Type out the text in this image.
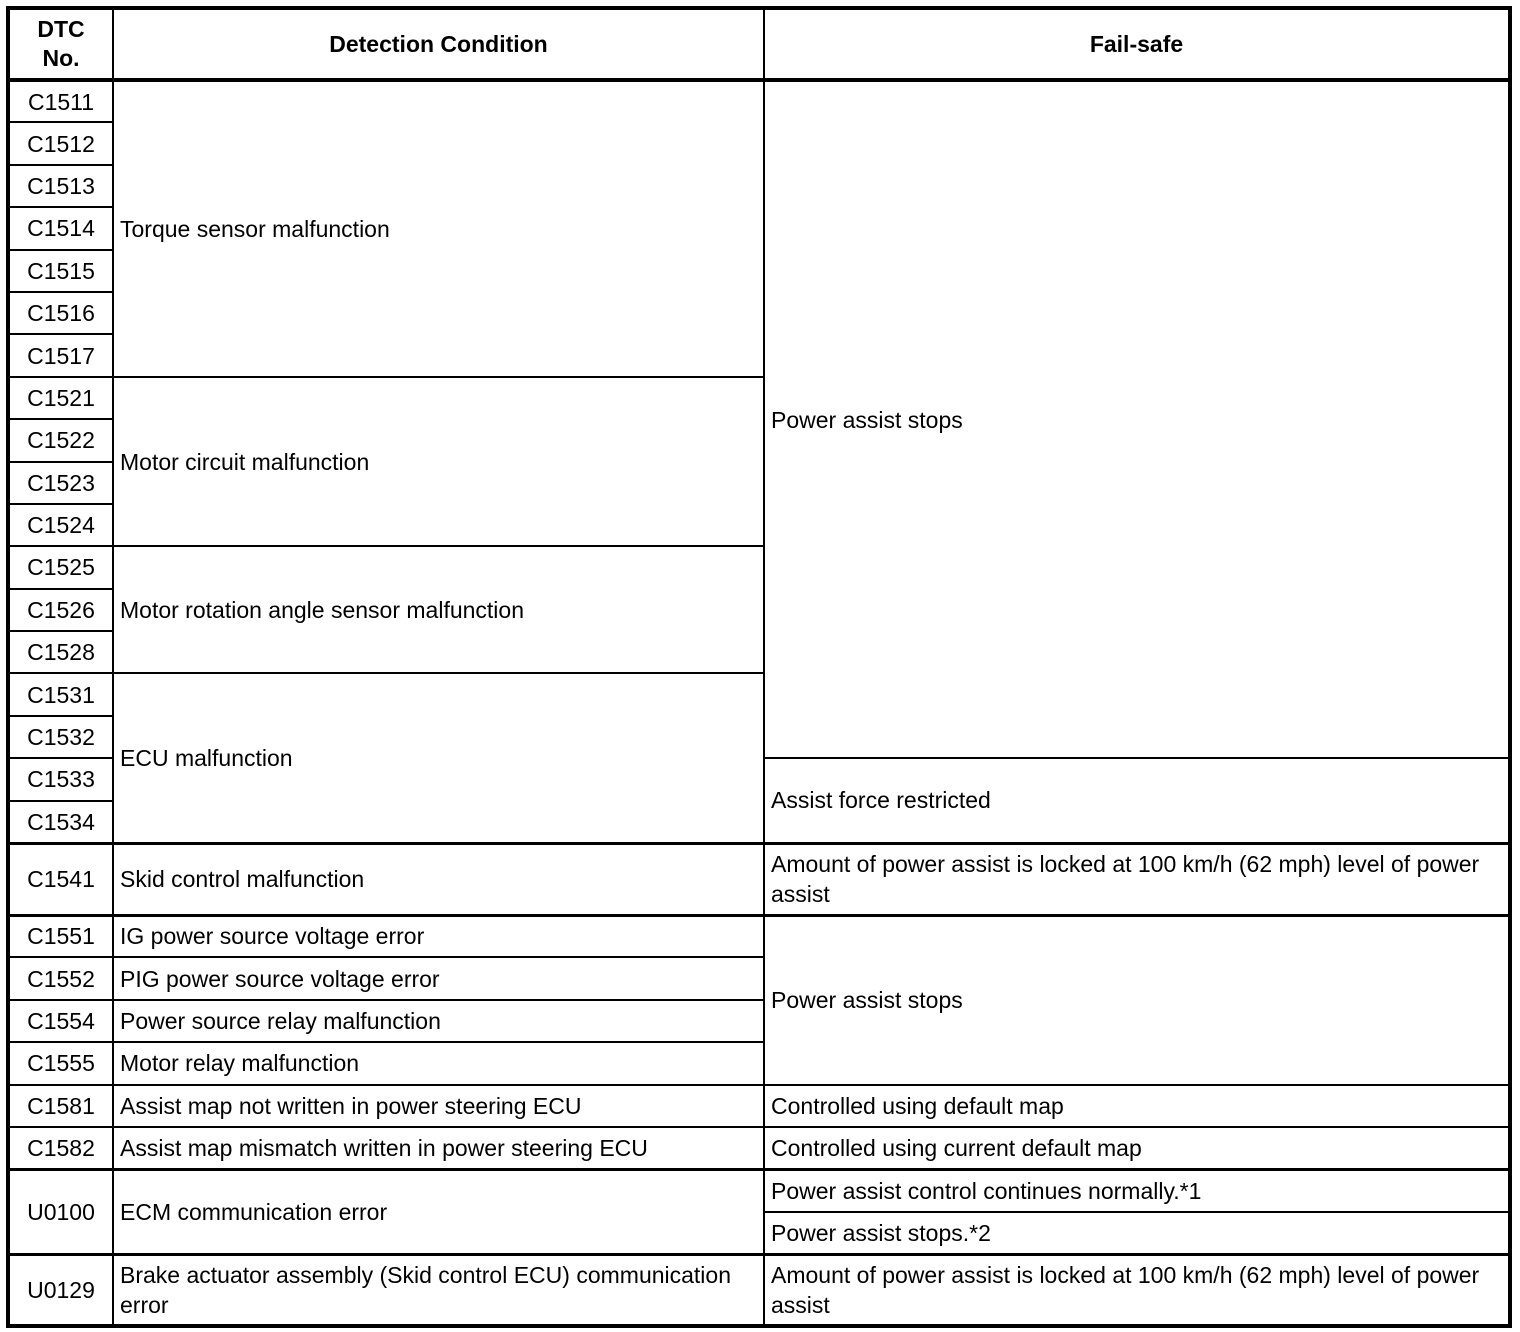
DTC
No.	Detection Condition	Fail-safe
C1511	Torque sensor malfunction	Power assist stops
C1512		
C1513		
C1514		
C1515		
C1516		
C1517		
C1521	Motor circuit malfunction	
C1522		
C1523		
C1524		
C1525	Motor rotation angle sensor malfunction	
C1526		
C1528		
C1531	ECU malfunction	
C1532		
C1533		Assist force restricted
C1534		
C1541	Skid control malfunction	Amount of power assist is locked at 100 km/h (62 mph) level of power assist
C1551	IG power source voltage error	Power assist stops
C1552	PIG power source voltage error	
C1554	Power source relay malfunction	
C1555	Motor relay malfunction	
C1581	Assist map not written in power steering ECU	Controlled using default map
C1582	Assist map mismatch written in power steering ECU	Controlled using current default map
U0100	ECM communication error	Power assist control continues normally.*1
		Power assist stops.*2
U0129	Brake actuator assembly (Skid control ECU) communication error	Amount of power assist is locked at 100 km/h (62 mph) level of power assist
